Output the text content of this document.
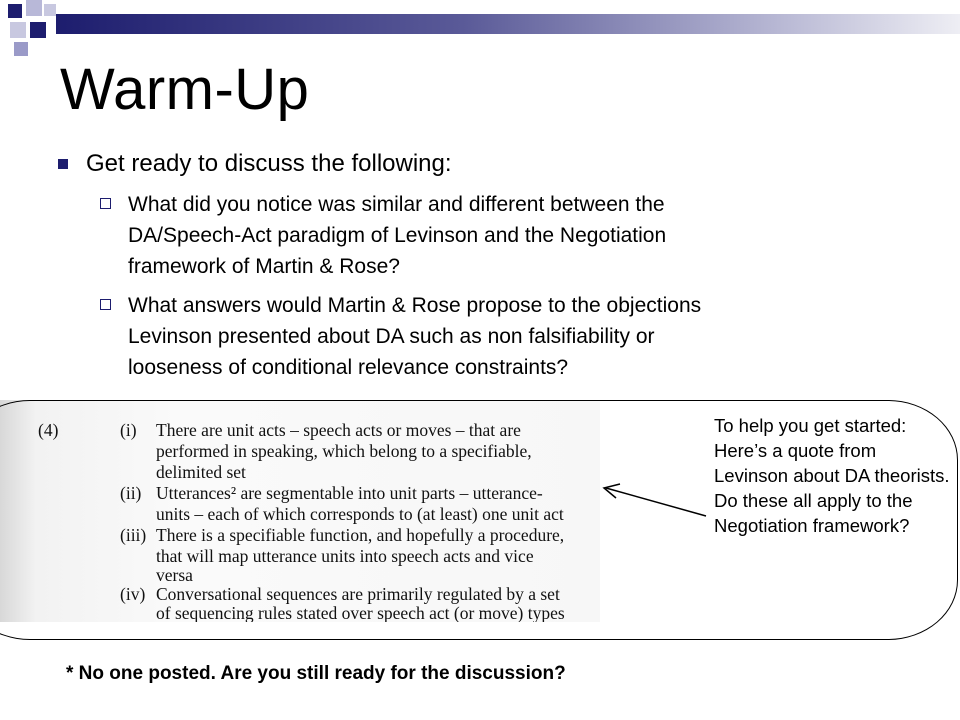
Warm-Up
Get ready to discuss the following:
What did you notice was similar and different between the
DA/Speech-Act paradigm of Levinson and the Negotiation
framework of Martin & Rose?
What answers would Martin & Rose propose to the objections
Levinson presented about DA such as non falsifiability or
looseness of conditional relevance constraints?
(4)	(i) There are unit acts – speech acts or moves – that are
performed in speaking, which belong to a specifiable,
delimited set
(ii) Utterances² are segmentable into unit parts – utterance-
units – each of which corresponds to (at least) one unit act
(iii) There is a specifiable function, and hopefully a procedure,
that will map utterance units into speech acts and vice
versa
(iv) Conversational sequences are primarily regulated by a set
of sequencing rules stated over speech act (or move) types
To help you get started: Here’s a quote from Levinson about DA theorists. Do these all apply to the Negotiation framework?
* No one posted. Are you still ready for the discussion?
